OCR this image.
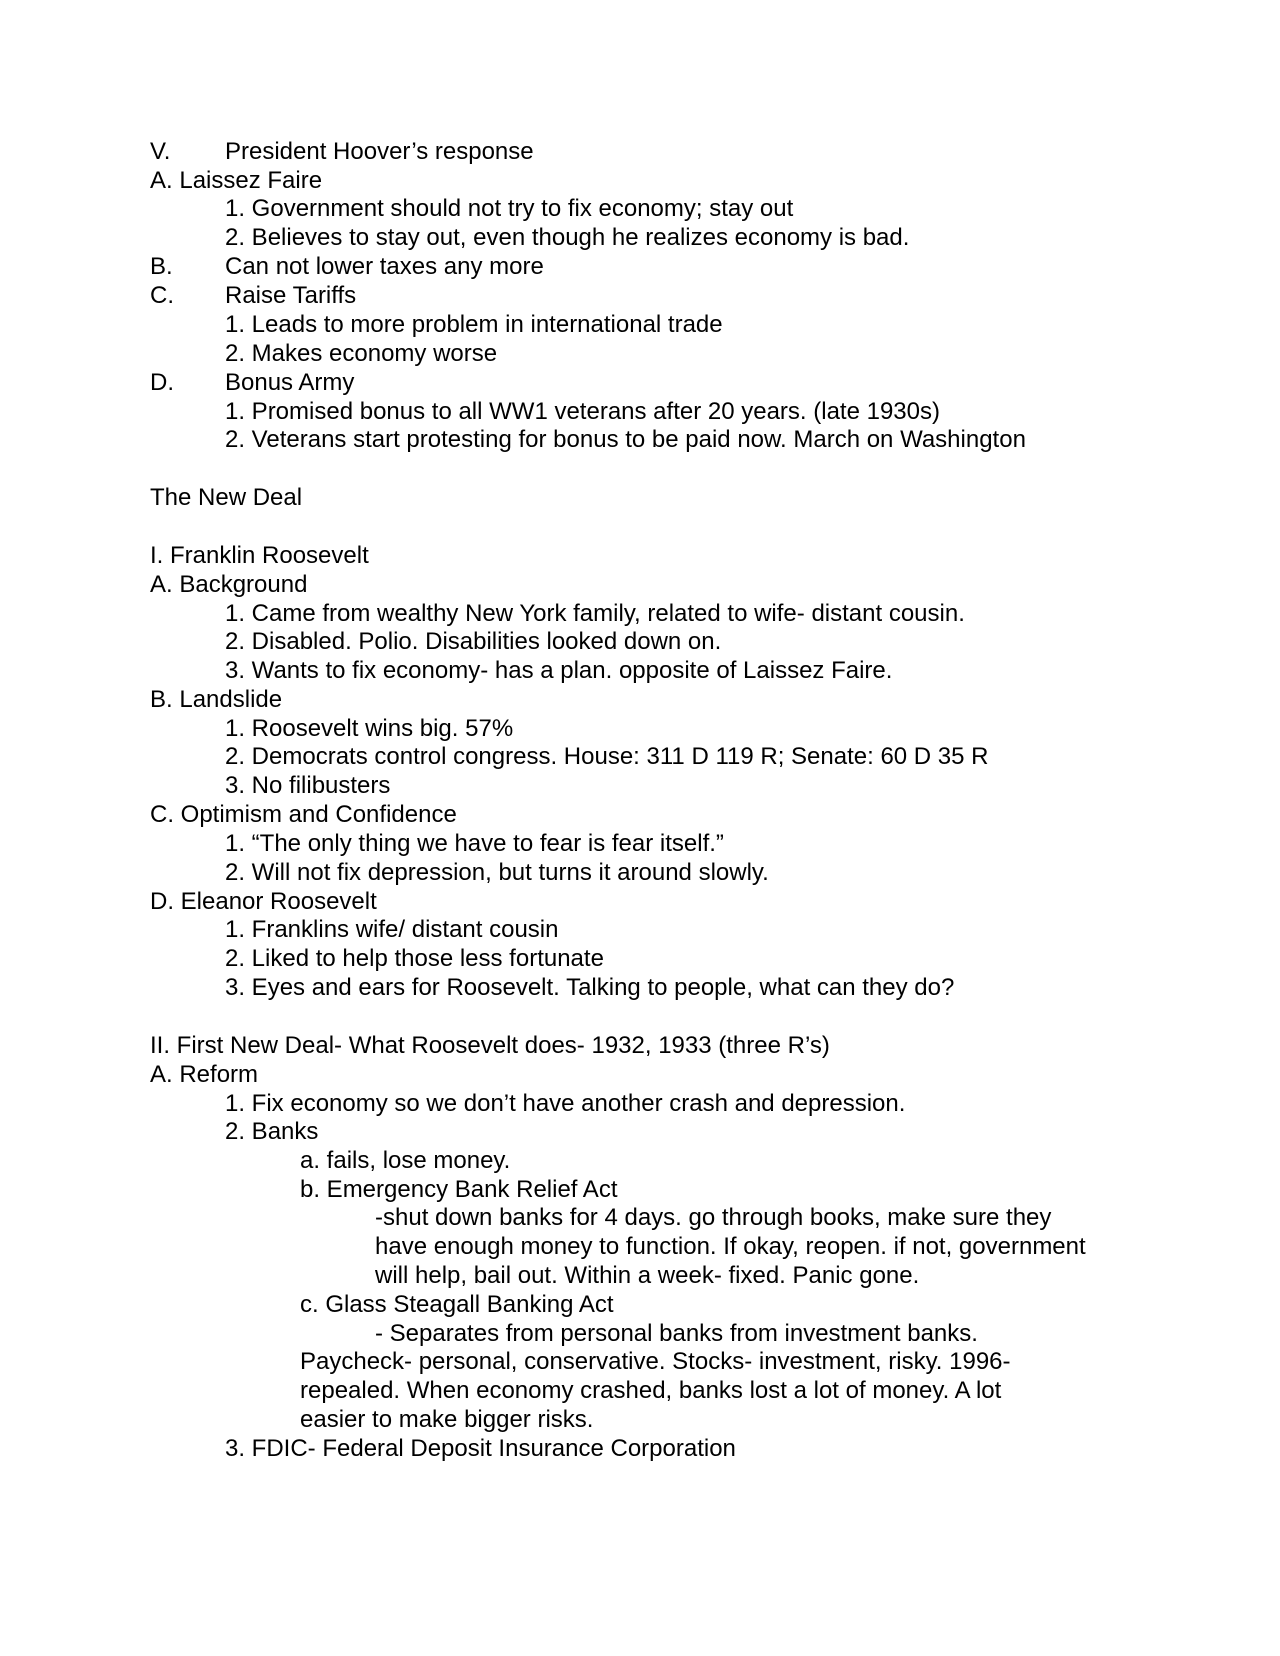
V. President Hoover’s response
A. Laissez Faire
1. Government should not try to fix economy; stay out
2. Believes to stay out, even though he realizes economy is bad.
B. Can not lower taxes any more
C. Raise Tariffs
1. Leads to more problem in international trade
2. Makes economy worse
D. Bonus Army
1. Promised bonus to all WW1 veterans after 20 years. (late 1930s)
2. Veterans start protesting for bonus to be paid now. March on Washington
The New Deal
I. Franklin Roosevelt
A. Background
1. Came from wealthy New York family, related to wife- distant cousin.
2. Disabled. Polio. Disabilities looked down on.
3. Wants to fix economy- has a plan. opposite of Laissez Faire.
B. Landslide
1. Roosevelt wins big. 57%
2. Democrats control congress. House: 311 D 119 R; Senate: 60 D 35 R
3. No filibusters
C. Optimism and Confidence
1. “The only thing we have to fear is fear itself.”
2. Will not fix depression, but turns it around slowly.
D. Eleanor Roosevelt
1. Franklins wife/ distant cousin
2. Liked to help those less fortunate
3. Eyes and ears for Roosevelt. Talking to people, what can they do?
II. First New Deal- What Roosevelt does- 1932, 1933 (three R’s)
A. Reform
1. Fix economy so we don’t have another crash and depression.
2. Banks
a. fails, lose money.
b. Emergency Bank Relief Act
-shut down banks for 4 days. go through books, make sure they
have enough money to function. If okay, reopen. if not, government
will help, bail out. Within a week- fixed. Panic gone.
c. Glass Steagall Banking Act
- Separates from personal banks from investment banks.
Paycheck- personal, conservative. Stocks- investment, risky. 1996-
repealed. When economy crashed, banks lost a lot of money. A lot
easier to make bigger risks.
3. FDIC- Federal Deposit Insurance Corporation
